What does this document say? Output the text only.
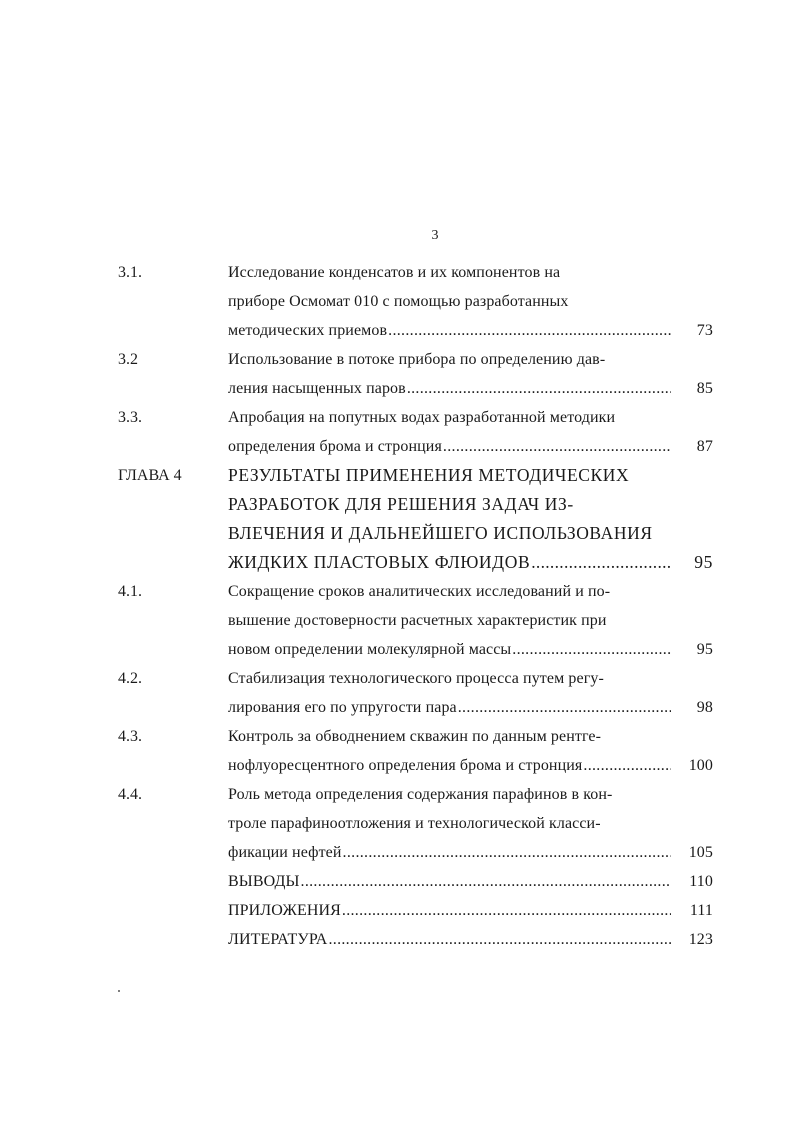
3
3.1.	Исследование конденсатов и их компонентов на
приборе Осмомат 010 с помощью разработанных
методических приемов .....	73
3.2	Использование в потоке прибора по определению дав-
ления насыщенных паров .....	85
3.3.	Апробация на попутных водах разработанной методики
определения брома и стронция .....	87
ГЛАВА 4	РЕЗУЛЬТАТЫ ПРИМЕНЕНИЯ МЕТОДИЧЕСКИХ
РАЗРАБОТОК ДЛЯ РЕШЕНИЯ ЗАДАЧ ИЗ-
ВЛЕЧЕНИЯ И ДАЛЬНЕЙШЕГО ИСПОЛЬЗОВАНИЯ
ЖИДКИХ ПЛАСТОВЫХ ФЛЮИДОВ .....	95
4.1.	Сокращение сроков аналитических исследований и по-
вышение достоверности расчетных характеристик при
новом определении молекулярной массы .....	95
4.2.	Стабилизация технологического процесса путем регу-
лирования его по упругости пара .....	98
4.3.	Контроль за обводнением скважин по данным рентге-
нофлуоресцентного определения брома и стронция .....	100
4.4.	Роль метода определения содержания парафинов в кон-
троле парафиноотложения и технологической класси-
фикации нефтей .....	105
ВЫВОДЫ .....	110
ПРИЛОЖЕНИЯ .....	111
ЛИТЕРАТУРА .....	123
